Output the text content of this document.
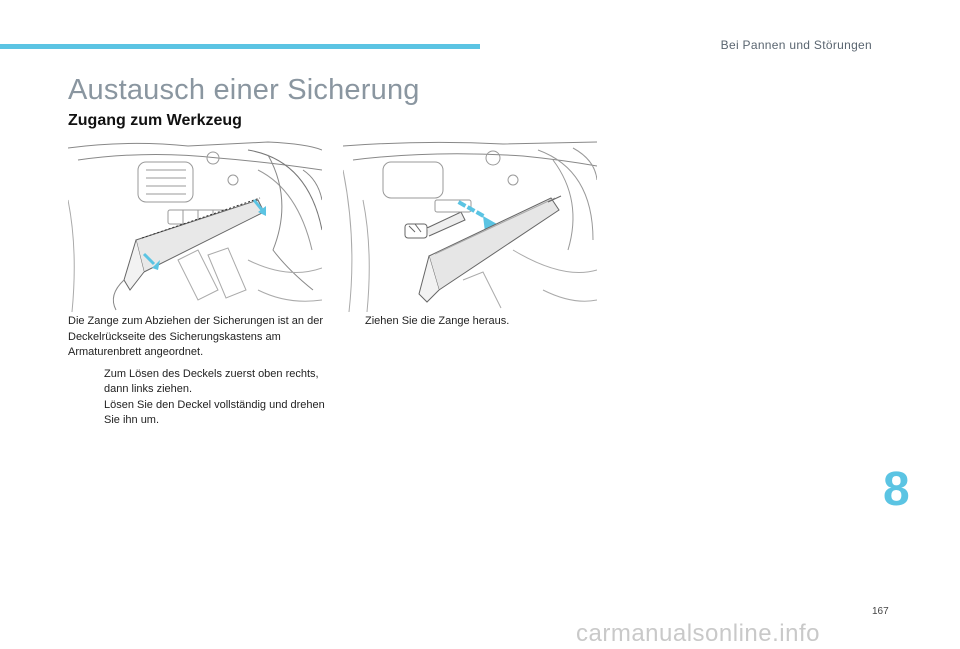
Bei Pannen und Störungen
Austausch einer Sicherung
Zugang zum Werkzeug

Die Zange zum Abziehen der Sicherungen ist an der Deckelrückseite des Sicherungskastens am Armaturenbrett angeordnet.

Zum Lösen des Deckels zuerst oben rechts, dann links ziehen.
Lösen Sie den Deckel vollständig und drehen Sie ihn um.
Ziehen Sie die Zange heraus.
8
167
carmanualsonline.info
